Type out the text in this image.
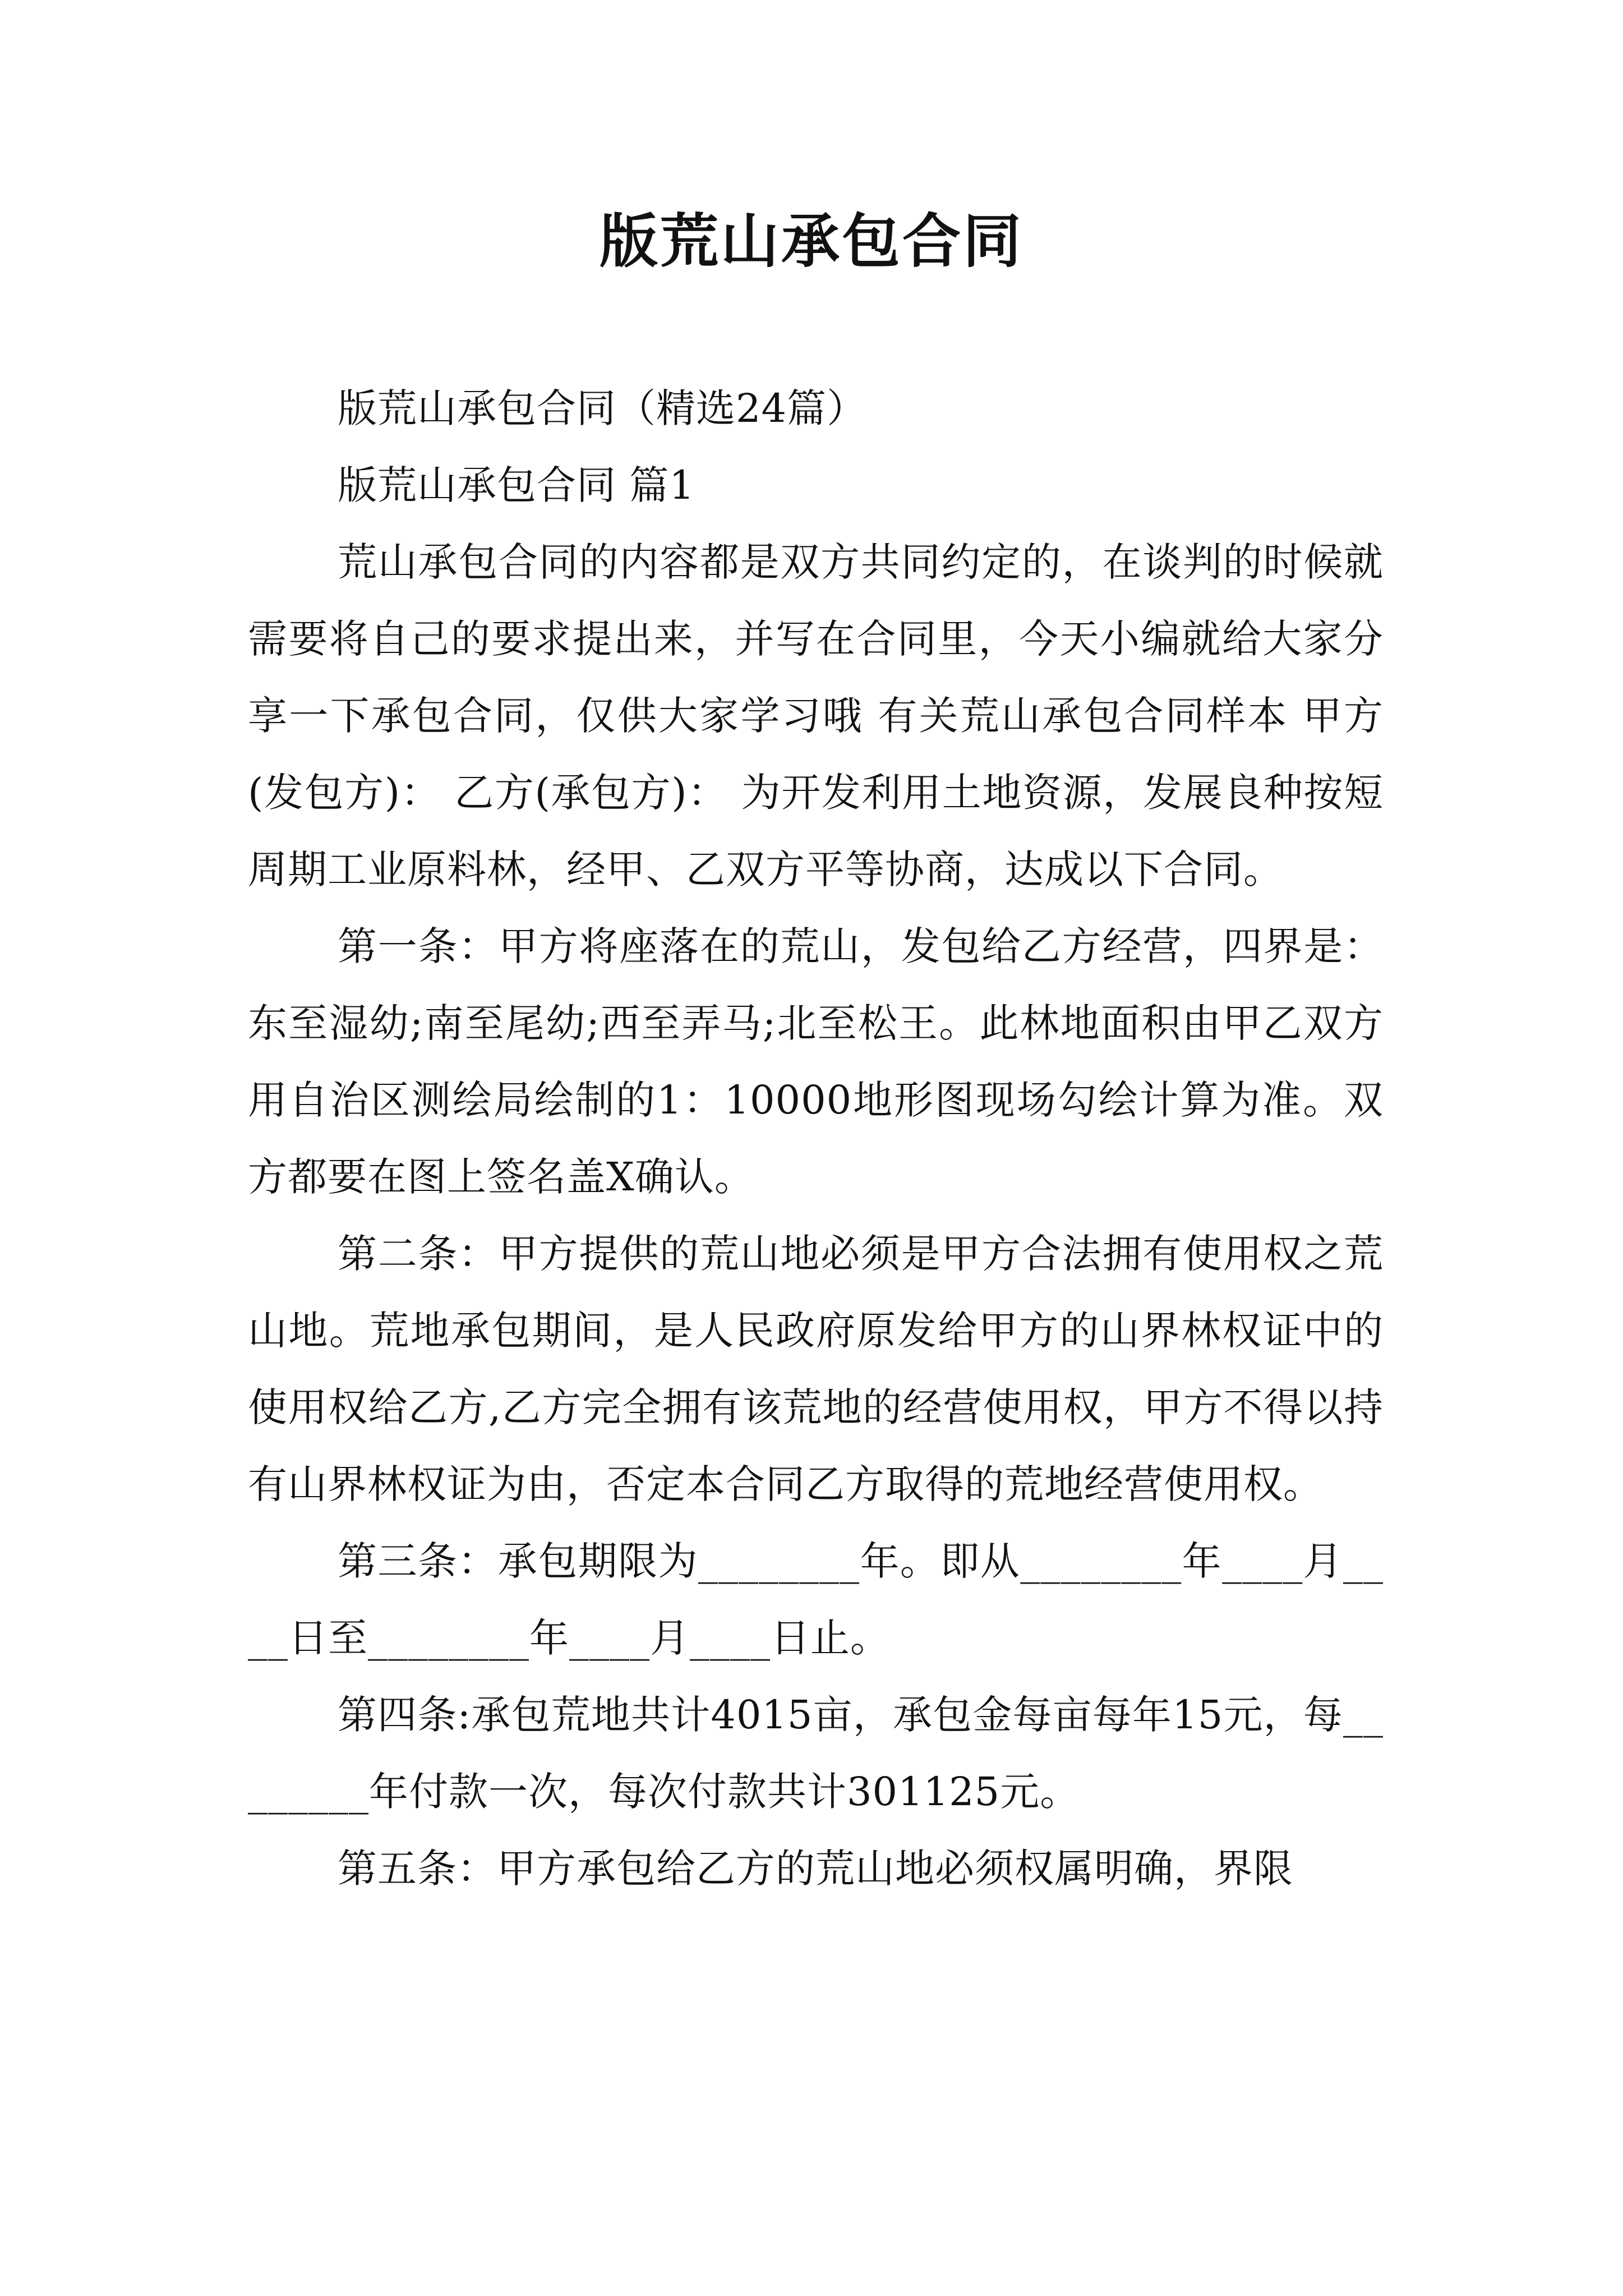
版荒山承包合同

版荒山承包合同（精选24篇）

版荒山承包合同 篇1

荒山承包合同的内容都是双方共同约定的，在谈判的时候就需要将自己的要求提出来，并写在合同里，今天小编就给大家分享一下承包合同，仅供大家学习哦 有关荒山承包合同样本 甲方(发包方)： 乙方(承包方)： 为开发利用土地资源，发展良种按短周期工业原料林，经甲、乙双方平等协商，达成以下合同。

第一条：甲方将座落在的荒山，发包给乙方经营，四界是：东至湿幼;南至尾幼;西至弄马;北至松王。此林地面积由甲乙双方用自治区测绘局绘制的1：10000地形图现场勾绘计算为准。双方都要在图上签名盖X确认。

第二条：甲方提供的荒山地必须是甲方合法拥有使用权之荒山地。荒地承包期间，是人民政府原发给甲方的山界林权证中的使用权给乙方,乙方完全拥有该荒地的经营使用权，甲方不得以持有山界林权证为由，否定本合同乙方取得的荒地经营使用权。

第三条：承包期限为________年。即从________年____月____日至________年____月____日止。

第四条:承包荒地共计4015亩，承包金每亩每年15元，每________年付款一次，每次付款共计301125元。

第五条：甲方承包给乙方的荒山地必须权属明确，界限
